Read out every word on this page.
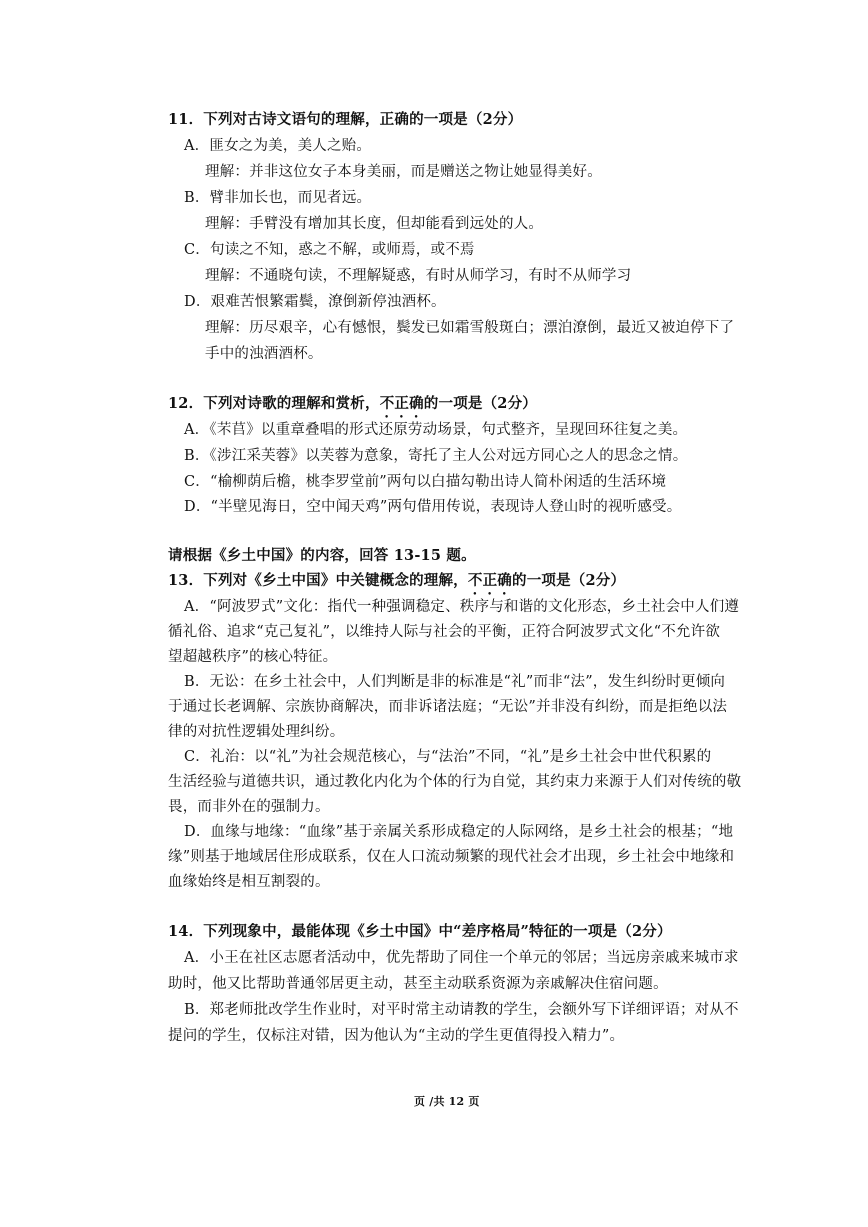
11．下列对古诗文语句的理解，正确的一项是（2分）
A．匪女之为美，美人之贻。
理解：并非这位女子本身美丽，而是赠送之物让她显得美好。
B．臂非加长也，而见者远。
理解：手臂没有增加其长度，但却能看到远处的人。
C．句读之不知，惑之不解，或师焉，或不焉
理解：不通晓句读，不理解疑惑，有时从师学习，有时不从师学习
D．艰难苦恨繁霜鬓，潦倒新停浊酒杯。
理解：历尽艰辛，心有憾恨，鬓发已如霜雪般斑白；漂泊潦倒，最近又被迫停下了
手中的浊酒酒杯。
12．下列对诗歌的理解和赏析，不正确的一项是（2分）
A．《芣苢》以重章叠唱的形式还原劳动场景，句式整齐，呈现回环往复之美。
B．《涉江采芙蓉》以芙蓉为意象，寄托了主人公对远方同心之人的思念之情。
C．“榆柳荫后檐，桃李罗堂前”两句以白描勾勒出诗人简朴闲适的生活环境
D．“半壁见海日，空中闻天鸡”两句借用传说，表现诗人登山时的视听感受。
请根据《乡土中国》的内容，回答 13-15 题。
13．下列对《乡土中国》中关键概念的理解，不正确的一项是（2分）
A．“阿波罗式”文化：指代一种强调稳定、秩序与和谐的文化形态，乡土社会中人们遵
循礼俗、追求“克己复礼”，以维持人际与社会的平衡，正符合阿波罗式文化“不允许欲
望超越秩序”的核心特征。
B．无讼：在乡土社会中，人们判断是非的标准是“礼”而非“法”，发生纠纷时更倾向
于通过长老调解、宗族协商解决，而非诉诸法庭；“无讼”并非没有纠纷，而是拒绝以法
律的对抗性逻辑处理纠纷。
C．礼治：以“礼”为社会规范核心，与“法治”不同，“礼”是乡土社会中世代积累的
生活经验与道德共识，通过教化内化为个体的行为自觉，其约束力来源于人们对传统的敬
畏，而非外在的强制力。
D．血缘与地缘：“血缘”基于亲属关系形成稳定的人际网络，是乡土社会的根基；“地
缘”则基于地域居住形成联系，仅在人口流动频繁的现代社会才出现，乡土社会中地缘和
血缘始终是相互割裂的。
14．下列现象中，最能体现《乡土中国》中“差序格局”特征的一项是（2分）
A．小王在社区志愿者活动中，优先帮助了同住一个单元的邻居；当远房亲戚来城市求
助时，他又比帮助普通邻居更主动，甚至主动联系资源为亲戚解决住宿问题。
B．郑老师批改学生作业时，对平时常主动请教的学生，会额外写下详细评语；对从不
提问的学生，仅标注对错，因为他认为“主动的学生更值得投入精力”。
页 /共 12 页
